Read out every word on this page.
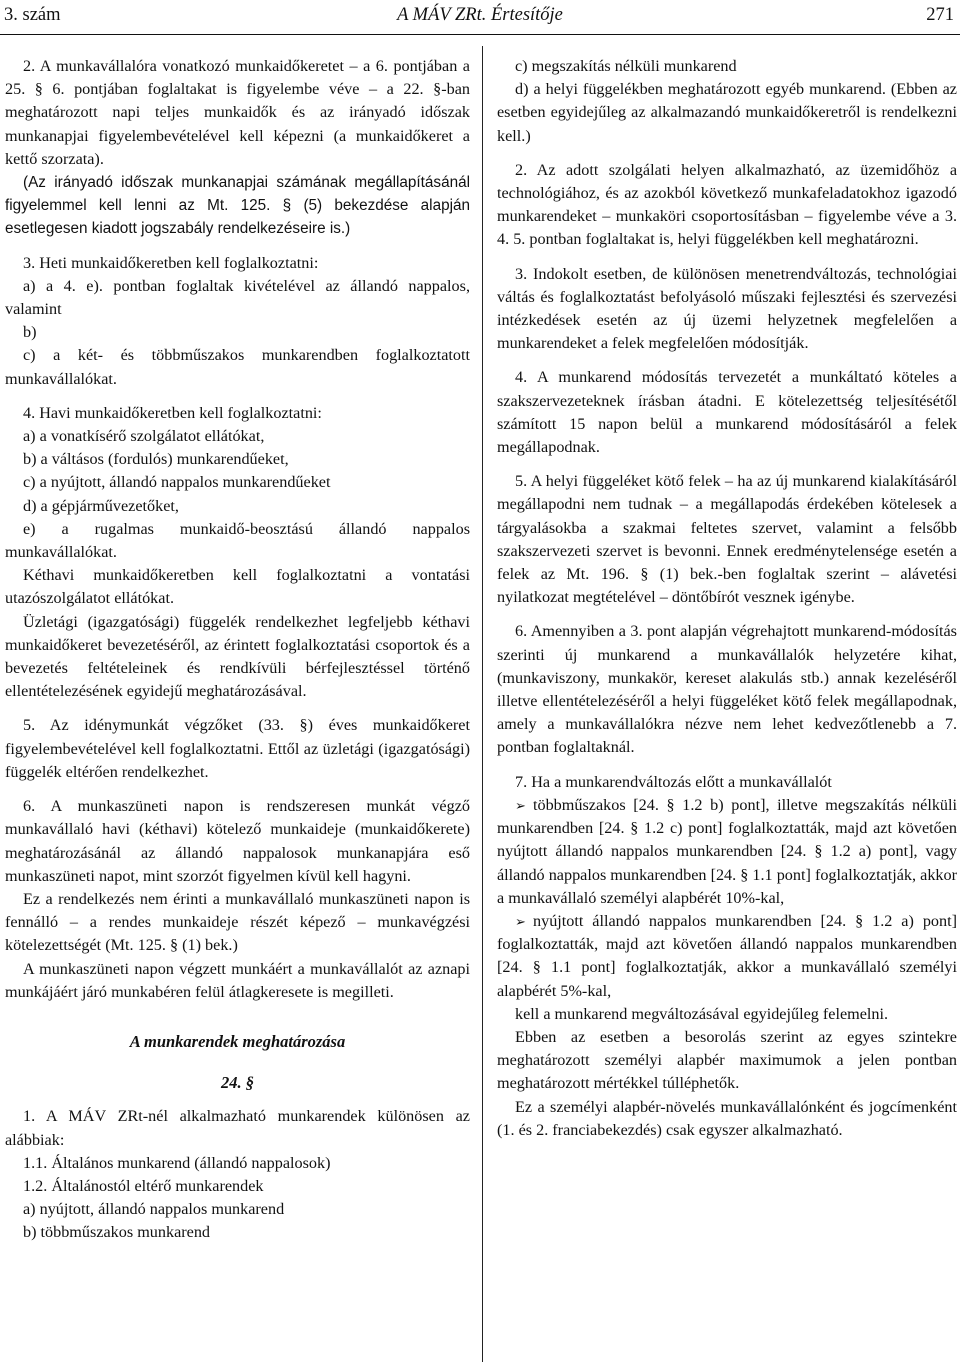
3. szám	A MÁV ZRt. Értesítője	271

2. A munkavállalóra vonatkozó munkaidőkeretet – a 6. pontjában a 25. § 6. pontjában foglaltakat is figyelembe véve – a 22. §-ban meghatározott napi teljes munkaidők és az irányadó időszak munkanapjai figyelembevételével kell képezni (a munkaidőkeret a kettő szorzata).

(Az irányadó időszak munkanapjai számának megállapításánál figyelemmel kell lenni az Mt. 125. § (5) bekezdése alapján esetlegesen kiadott jogszabály rendelkezéseire is.)

3. Heti munkaidőkeretben kell foglalkoztatni:

a) a 4. e). pontban foglaltak kivételével az állandó nappalos, valamint

b)

c) a két- és többműszakos munkarendben foglalkoztatott munkavállalókat.

4. Havi munkaidőkeretben kell foglalkoztatni:

a) a vonatkísérő szolgálatot ellátókat,

b) a váltásos (fordulós) munkarendűeket,

c) a nyújtott, állandó nappalos munkarendűeket

d) a gépjárművezetőket,

e) a rugalmas munkaidő-beosztású állandó nappalos munkavállalókat.

Kéthavi munkaidőkeretben kell foglalkoztatni a vontatási utazószolgálatot ellátókat.

Üzletági (igazgatósági) függelék rendelkezhet legfeljebb kéthavi munkaidőkeret bevezetéséről, az érintett foglalkoztatási csoportok és a bevezetés feltételeinek és rendkívüli bérfejlesztéssel történő ellentételezésének egyidejű meghatározásával.

5. Az idénymunkát végzőket (33. §) éves munkaidőkeret figyelembevételével kell foglalkoztatni. Ettől az üzletági (igazgatósági) függelék eltérően rendelkezhet.

6. A munkaszüneti napon is rendszeresen munkát végző munkavállaló havi (kéthavi) kötelező munkaideje (munkaidőkerete) meghatározásánál az állandó nappalosok munkanapjára eső munkaszüneti napot, mint szorzót figyelmen kívül kell hagyni.

Ez a rendelkezés nem érinti a munkavállaló munkaszüneti napon is fennálló – a rendes munkaideje részét képező – munkavégzési kötelezettségét (Mt. 125. § (1) bek.)

A munkaszüneti napon végzett munkáért a munkavállalót az aznapi munkájáért járó munkabéren felül átlagkeresete is megilleti.

A munkarendek meghatározása

24. §

1. A MÁV ZRt-nél alkalmazható munkarendek különösen az alábbiak:

1.1. Általános munkarend (állandó nappalosok)

1.2. Általánostól eltérő munkarendek

a) nyújtott, állandó nappalos munkarend

b) többműszakos munkarend

c) megszakítás nélküli munkarend

d) a helyi függelékben meghatározott egyéb munkarend. (Ebben az esetben egyidejűleg az alkalmazandó munkaidőkeretről is rendelkezni kell.)

2. Az adott szolgálati helyen alkalmazható, az üzemidőhöz a technológiához, és az azokból következő munkafeladatokhoz igazodó munkarendeket – munkaköri csoportosításban – figyelembe véve a 3. 4. 5. pontban foglaltakat is, helyi függelékben kell meghatározni.

3. Indokolt esetben, de különösen menetrendváltozás, technológiai váltás és foglalkoztatást befolyásoló műszaki fejlesztési és szervezési intézkedések esetén az új üzemi helyzetnek megfelelően a munkarendeket a felek megfelelően módosítják.

4. A munkarend módosítás tervezetét a munkáltató köteles a szakszervezeteknek írásban átadni. E kötelezettség teljesítésétől számított 15 napon belül a munkarend módosításáról a felek megállapodnak.

5. A helyi függeléket kötő felek – ha az új munkarend kialakításáról megállapodni nem tudnak – a megállapodás érdekében kötelesek a tárgyalásokba a szakmai feltetes szervet, valamint a felsőbb szakszervezeti szervet is bevonni. Ennek eredménytelensége esetén a felek az Mt. 196. § (1) bek.-ben foglaltak szerint – alávetési nyilatkozat megtételével – döntőbírót vesznek igénybe.

6. Amennyiben a 3. pont alapján végrehajtott munkarend-módosítás szerinti új munkarend a munkavállalók helyzetére kihat, (munkaviszony, munkakör, kereset alakulás stb.) annak kezeléséről illetve ellentételezéséről a helyi függeléket kötő felek megállapodnak, amely a munkavállalókra nézve nem lehet kedvezőtlenebb a 7. pontban foglaltaknál.

7. Ha a munkarendváltozás előtt a munkavállalót

➢ többműszakos [24. § 1.2 b) pont], illetve megszakítás nélküli munkarendben [24. § 1.2 c) pont] foglalkoztatták, majd azt követően nyújtott állandó nappalos munkarendben [24. § 1.2 a) pont], vagy állandó nappalos munkarendben [24. § 1.1 pont] foglalkoztatják, akkor a munkavállaló személyi alapbérét 10%-kal,

➢ nyújtott állandó nappalos munkarendben [24. § 1.2 a) pont] foglalkoztatták, majd azt követően állandó nappalos munkarendben [24. § 1.1 pont] foglalkoztatják, akkor a munkavállaló személyi alapbérét 5%-kal,

kell a munkarend megváltozásával egyidejűleg felemelni.

Ebben az esetben a besorolás szerint az egyes szintekre meghatározott személyi alapbér maximumok a jelen pontban meghatározott mértékkel túlléphetők.

Ez a személyi alapbér-növelés munkavállalónként és jogcímenként (1. és 2. franciabekezdés) csak egyszer alkalmazható.
